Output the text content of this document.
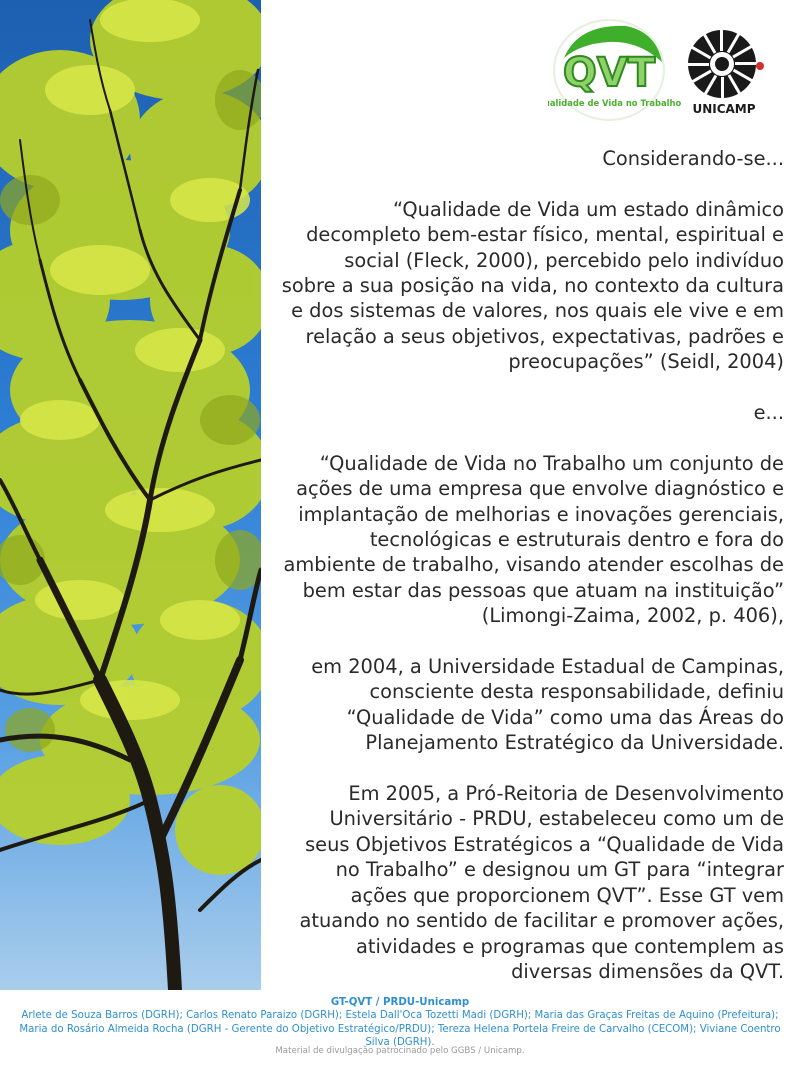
QVT
Qualidade de Vida no Trabalho UNICAMP

Considerando-se...

“Qualidade de Vida um estado dinâmico
decompleto bem-estar físico, mental, espiritual e
social (Fleck, 2000), percebido pelo indivíduo
sobre a sua posição na vida, no contexto da cultura
e dos sistemas de valores, nos quais ele vive e em
relação a seus objetivos, expectativas, padrões e
preocupações” (Seidl, 2004)

e...

“Qualidade de Vida no Trabalho um conjunto de
ações de uma empresa que envolve diagnóstico e
implantação de melhorias e inovações gerenciais,
tecnológicas e estruturais dentro e fora do
ambiente de trabalho, visando atender escolhas de
bem estar das pessoas que atuam na instituição”
(Limongi-Zaima, 2002, p. 406),

em 2004, a Universidade Estadual de Campinas,
consciente desta responsabilidade, definiu
“Qualidade de Vida” como uma das Áreas do
Planejamento Estratégico da Universidade.

Em 2005, a Pró-Reitoria de Desenvolvimento
Universitário - PRDU, estabeleceu como um de
seus Objetivos Estratégicos a “Qualidade de Vida
no Trabalho” e designou um GT para “integrar
ações que proporcionem QVT”. Esse GT vem
atuando no sentido de facilitar e promover ações,
atividades e programas que contemplem as
diversas dimensões da QVT.

GT-QVT / PRDU-Unicamp
Arlete de Souza Barros (DGRH); Carlos Renato Paraizo (DGRH); Estela Dall'Oca Tozetti Madi (DGRH); Maria das Graças Freitas de Aquino (Prefeitura); Maria do Rosário Almeida Rocha (DGRH - Gerente do Objetivo Estratégico/PRDU); Tereza Helena Portela Freire de Carvalho (CECOM); Viviane Coentro Silva (DGRH).
Material de divulgação patrocinado pelo GGBS / Unicamp.
